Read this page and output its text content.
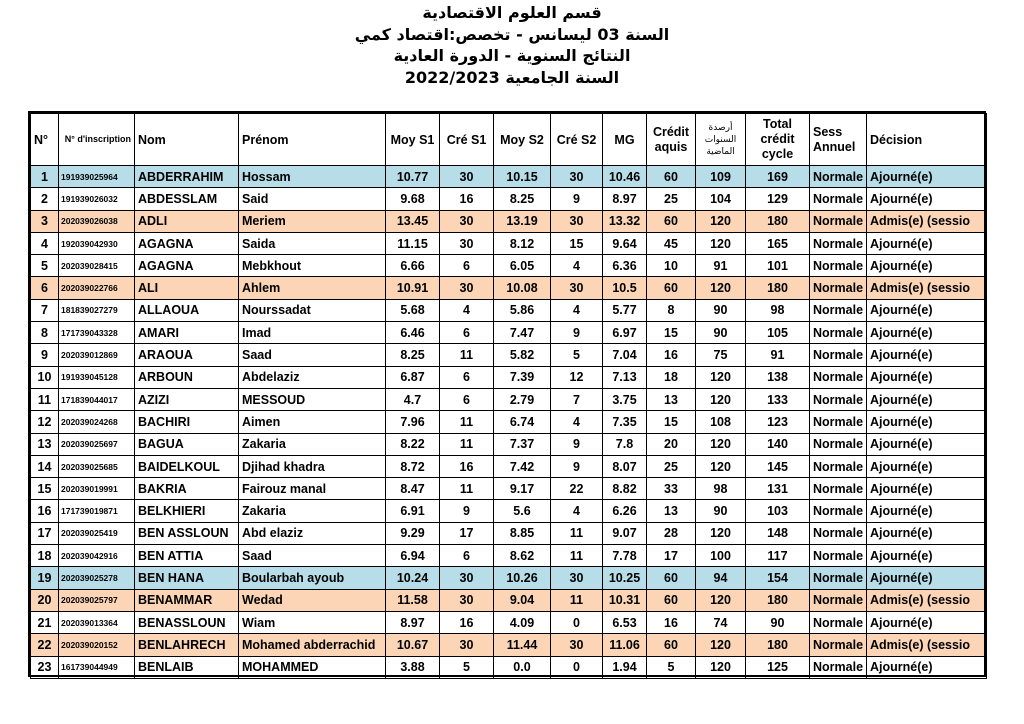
قسم العلوم الاقتصادية
السنة 03 ليسانس - تخصص:اقتصاد كمي
النتائج السنوية - الدورة العادية
السنة الجامعية 2022/2023
N°	N° d'inscription	Nom	Prénom	Moy S1	Cré S1	Moy S2	Cré S2	MG	Crédit aquis	أرصدة السنوات الماضية	Total crédit cycle	Sess Annuel	Décision
1	191939025964	ABDERRAHIM	Hossam	10.77	30	10.15	30	10.46	60	109	169	Normale	Ajourné(e)
2	191939026032	ABDESSLAM	Said	9.68	16	8.25	9	8.97	25	104	129	Normale	Ajourné(e)
3	202039026038	ADLI	Meriem	13.45	30	13.19	30	13.32	60	120	180	Normale	Admis(e) (sessio
4	192039042930	AGAGNA	Saida	11.15	30	8.12	15	9.64	45	120	165	Normale	Ajourné(e)
5	202039028415	AGAGNA	Mebkhout	6.66	6	6.05	4	6.36	10	91	101	Normale	Ajourné(e)
6	202039022766	ALI	Ahlem	10.91	30	10.08	30	10.5	60	120	180	Normale	Admis(e) (sessio
7	181839027279	ALLAOUA	Nourssadat	5.68	4	5.86	4	5.77	8	90	98	Normale	Ajourné(e)
8	171739043328	AMARI	Imad	6.46	6	7.47	9	6.97	15	90	105	Normale	Ajourné(e)
9	202039012869	ARAOUA	Saad	8.25	11	5.82	5	7.04	16	75	91	Normale	Ajourné(e)
10	191939045128	ARBOUN	Abdelaziz	6.87	6	7.39	12	7.13	18	120	138	Normale	Ajourné(e)
11	171839044017	AZIZI	MESSOUD	4.7	6	2.79	7	3.75	13	120	133	Normale	Ajourné(e)
12	202039024268	BACHIRI	Aimen	7.96	11	6.74	4	7.35	15	108	123	Normale	Ajourné(e)
13	202039025697	BAGUA	Zakaria	8.22	11	7.37	9	7.8	20	120	140	Normale	Ajourné(e)
14	202039025685	BAIDELKOUL	Djihad khadra	8.72	16	7.42	9	8.07	25	120	145	Normale	Ajourné(e)
15	202039019991	BAKRIA	Fairouz manal	8.47	11	9.17	22	8.82	33	98	131	Normale	Ajourné(e)
16	171739019871	BELKHIERI	Zakaria	6.91	9	5.6	4	6.26	13	90	103	Normale	Ajourné(e)
17	202039025419	BEN ASSLOUN	Abd elaziz	9.29	17	8.85	11	9.07	28	120	148	Normale	Ajourné(e)
18	202039042916	BEN ATTIA	Saad	6.94	6	8.62	11	7.78	17	100	117	Normale	Ajourné(e)
19	202039025278	BEN HANA	Boularbah ayoub	10.24	30	10.26	30	10.25	60	94	154	Normale	Ajourné(e)
20	202039025797	BENAMMAR	Wedad	11.58	30	9.04	11	10.31	60	120	180	Normale	Admis(e) (sessio
21	202039013364	BENASSLOUN	Wiam	8.97	16	4.09	0	6.53	16	74	90	Normale	Ajourné(e)
22	202039020152	BENLAHRECH	Mohamed abderrachid	10.67	30	11.44	30	11.06	60	120	180	Normale	Admis(e) (sessio
23	161739044949	BENLAIB	MOHAMMED	3.88	5	0.0	0	1.94	5	120	125	Normale	Ajourné(e)
